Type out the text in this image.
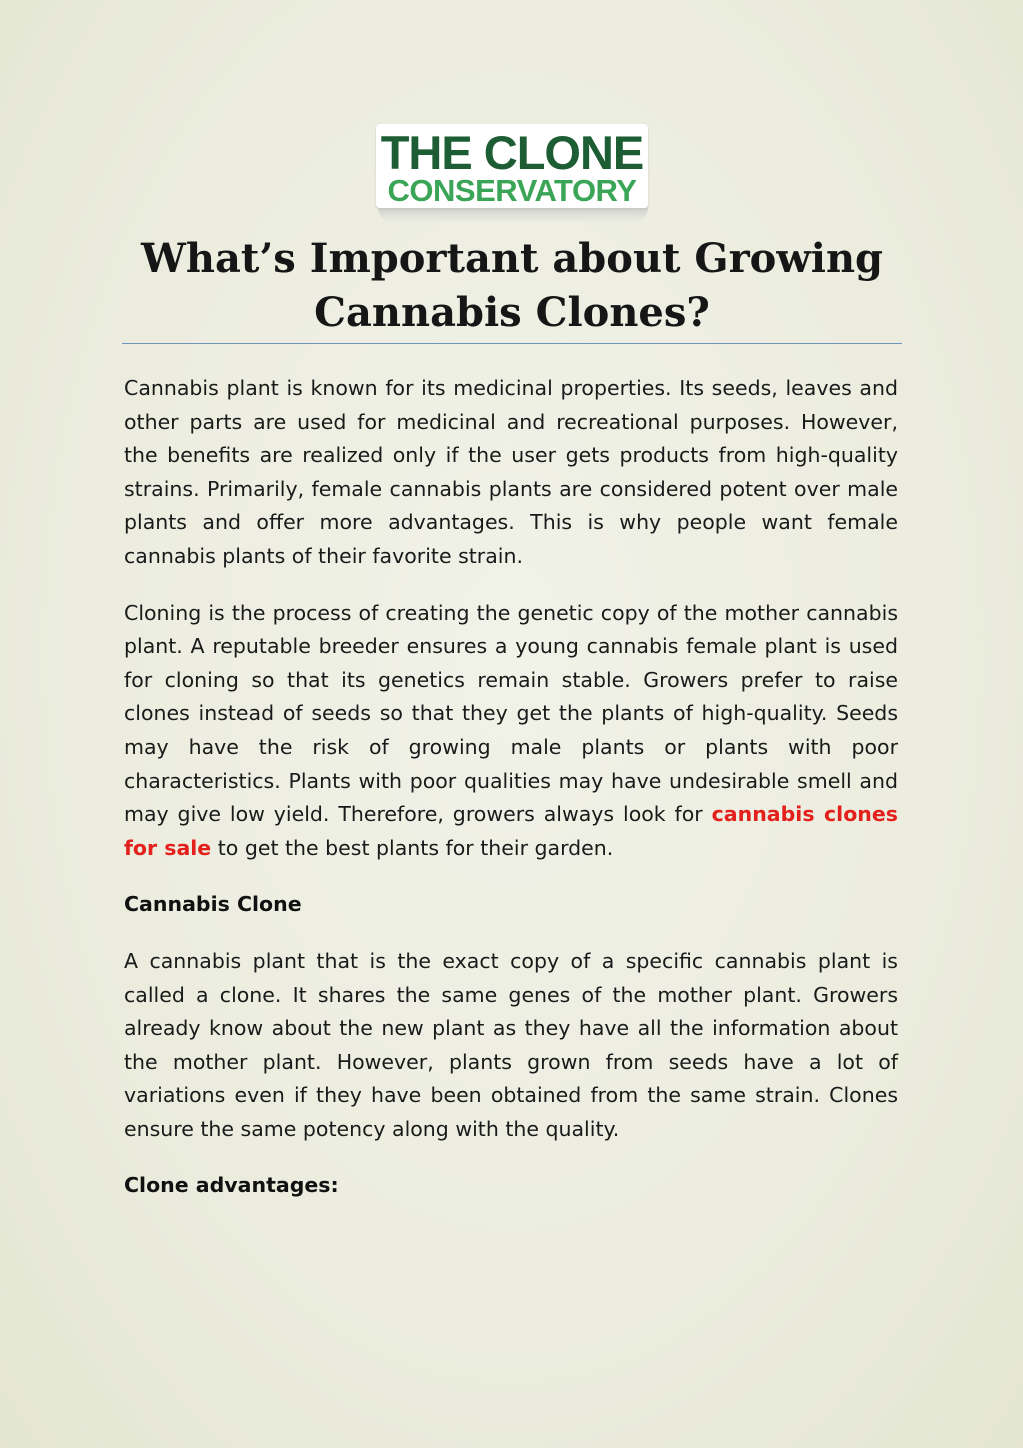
THE CLONE
CONSERVATORY
What’s Important about Growing Cannabis Clones?

Cannabis plant is known for its medicinal properties. Its seeds, leaves and other parts are used for medicinal and recreational purposes. However, the benefits are realized only if the user gets products from high-quality strains. Primarily, female cannabis plants are considered potent over male plants and offer more advantages. This is why people want female cannabis plants of their favorite strain.

Cloning is the process of creating the genetic copy of the mother cannabis plant. A reputable breeder ensures a young cannabis female plant is used for cloning so that its genetics remain stable. Growers prefer to raise clones instead of seeds so that they get the plants of high-quality. Seeds may have the risk of growing male plants or plants with poor characteristics. Plants with poor qualities may have undesirable smell and may give low yield. Therefore, growers always look for cannabis clones for sale to get the best plants for their garden.

Cannabis Clone

A cannabis plant that is the exact copy of a specific cannabis plant is called a clone. It shares the same genes of the mother plant. Growers already know about the new plant as they have all the information about the mother plant. However, plants grown from seeds have a lot of variations even if they have been obtained from the same strain. Clones ensure the same potency along with the quality.

Clone advantages:
